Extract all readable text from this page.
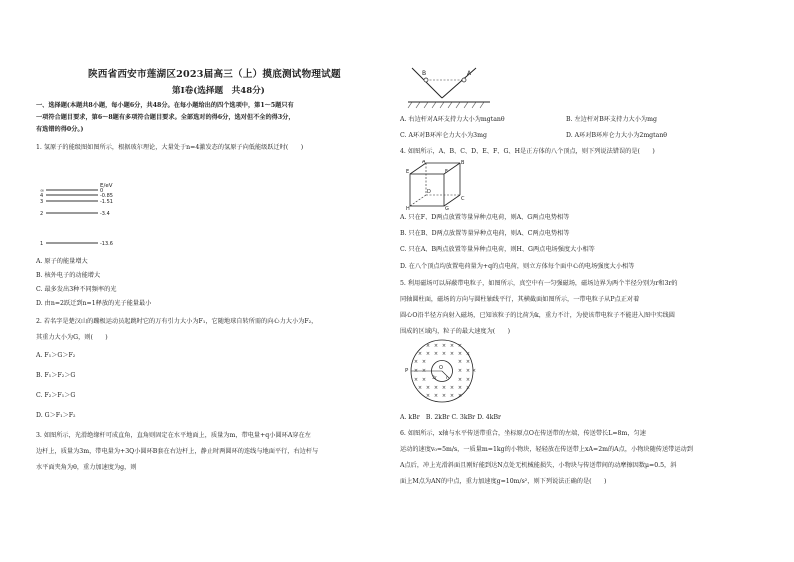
陕西省西安市莲湖区2023届高三（上）摸底测试物理试题
第Ⅰ卷(选择题　共48分)
一、选择题(本题共8小题，每小题6分，共48分。在每小题给出的四个选项中，第1～5题只有
一项符合题目要求，第6～8题有多项符合题目要求。全部选对的得6分，选对但不全的得3分，
有选错的得0分。)
1. 氢原子的能级图如图所示，根据玻尔理论，大量处于n=4激发态的氢原子向低能级跃迁时(　　)
E/eV
∞	0
4	-0.85
3	-1.51
2	-3.4
1	-13.6
A. 原子的能量增大
B. 核外电子的动能增大
C. 最多发出3种不同频率的光
D. 由n=2跃迁到n=1释放的光子能量最小
2. 若名字是楚汉山的蹦极运动员起跳时它的万有引力大小为F₁，它随地球自转所需的向心力大小为F₂，
其重力大小为G，则(　　)
A. F₁＞G＞F₂
B. F₁＞F₂＞G
C. F₂＞F₁＞G
D. G＞F₁＞F₂
3. 如图所示，光滑绝缘杆可成直角，直角则固定在水平地面上，质量为m，带电量+q小圆环A穿在左
边杆上，质量为3m，带电量为+3Q小圆环B套在右边杆上，静止时两圆环的连线与地面平行，右边杆与
水平面夹角为θ，重力加速度为g，则
B	A
A. 右边杆对A环支持力大小为mgtanθ	B. 左边杆对B环支持力大小为mg
C. A环对B环库仑力大小为3mg	D. A环对B环库仑力大小为2mgtanθ
4. 如图所示，A、B、C、D、E、F、G、H是正方体的八个顶点，则下列说法错误的是(　　)
A	B
C
D
E	F
G
H
A. 只在F、D两点放置等量异种点电荷，则A、G两点电势相等
B. 只在B、D两点放置等量异种点电荷，则A、C两点电势相等
C. 只在A、B两点放置等量异种点电荷，则H、G两点电场强度大小相等
D. 在八个顶点均放置电荷量为+q的点电荷，则立方体每个面中心的电场强度大小相等
5. 利用磁场可以屏蔽带电粒子，如图所示，真空中有一匀强磁场，磁场边界为两个半径分别为r和3r的
同轴圆柱面，磁场的方向与圆柱轴线平行，其横截面如图所示，一带电粒子从P点正对着
圆心O沿半径方向射入磁场，已知该粒子的比荷为k，重力不计，为使该带电粒子不能进入图中实线圆
围成的区域内，粒子的最大速度为(　　)
× × × × ×
× × × × × × ×
× ×	× ×
× ×	× × ×
× ×	× ×
× × × × × × ×
× × × × ×
P	O
r
3r
A. kBr　B. 2kBr C. 3kBr D. 4kBr
6. 如图所示，x轴与水平传送带重合，坐标原点O在传送带的左端，传送带长L=8m，匀速
运动的速度v₀=5m/s，一质量m=1kg的小物块，轻轻放在传送带上xA=2m的A点，小物块随传送带运动到
A点后，冲上光滑斜面且刚好能到达N点处无机械能损失，小物块与传送带间的动摩擦因数μ=0.5，斜
面上M点为AN的中点，重力加速度g=10m/s²，则下列说法正确的是(　　)
